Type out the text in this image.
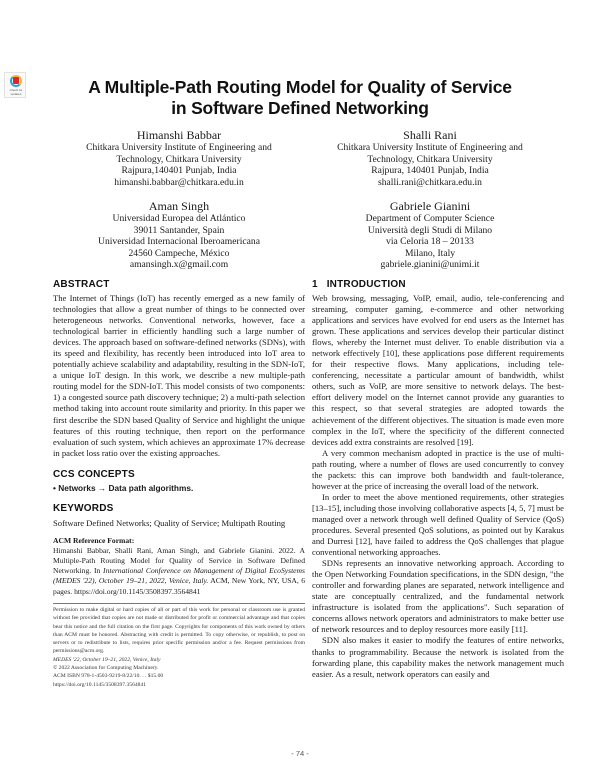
Check for updates	A Multiple-Path Routing Model for Quality of Service
in Software Defined Networking
Himanshi Babbar
Chitkara University Institute of Engineering and
Technology, Chitkara University
Rajpura,140401 Punjab, India
himanshi.babbar@chitkara.edu.in
Shalli Rani
Chitkara University Institute of Engineering and
Technology, Chitkara University
Rajpura, 140401 Punjab, India
shalli.rani@chitkara.edu.in
Aman Singh
Universidad Europea del Atlántico
39011 Santander, Spain
Universidad Internacional Iberoamericana
24560 Campeche, México
amansingh.x@gmail.com
Gabriele Gianini
Department of Computer Science
Università degli Studi di Milano
via Celoria 18 – 20133
Milano, Italy
gabriele.gianini@unimi.it
ABSTRACT
The Internet of Things (IoT) has recently emerged as a new family of technologies that allow a great number of things to be connected over heterogeneous networks. Conventional networks, however, face a technological barrier in efficiently handling such a large number of devices. The approach based on software-defined networks (SDNs), with its speed and flexibility, has recently been introduced into IoT area to potentially achieve scalability and adaptability, resulting in the SDN-IoT, a unique IoT design. In this work, we describe a new multiple-path routing model for the SDN-IoT. This model consists of two components: 1) a congested source path discovery technique; 2) a multi-path selection method taking into account route similarity and priority. In this paper we first describe the SDN based Quality of Service and highlight the unique features of this routing technique, then report on the performance evaluation of such system, which achieves an approximate 17% decrease in packet loss ratio over the existing approaches.
CCS CONCEPTS
• Networks → Data path algorithms.
KEYWORDS
Software Defined Networks; Quality of Service; Multipath Routing
ACM Reference Format:
Himanshi Babbar, Shalli Rani, Aman Singh, and Gabriele Gianini. 2022. A Multiple-Path Routing Model for Quality of Service in Software Defined Networking. In International Conference on Management of Digital EcoSystems (MEDES '22), October 19–21, 2022, Venice, Italy. ACM, New York, NY, USA, 6 pages. https://doi.org/10.1145/3508397.3564841
Permission to make digital or hard copies of all or part of this work for personal or classroom use is granted without fee provided that copies are not made or distributed for profit or commercial advantage and that copies bear this notice and the full citation on the first page. Copyrights for components of this work owned by others than ACM must be honored. Abstracting with credit is permitted. To copy otherwise, or republish, to post on servers or to redistribute to lists, requires prior specific permission and/or a fee. Request permissions from permissions@acm.org.
MEDES '22, October 19–21, 2022, Venice, Italy
© 2022 Association for Computing Machinery.
ACM ISBN 978-1-4503-9219-8/22/10. . . $15.00
https://doi.org/10.1145/3508397.3564841
1 INTRODUCTION
Web browsing, messaging, VoIP, email, audio, tele-conferencing and streaming, computer gaming, e-commerce and other networking applications and services have evolved for end users as the Internet has grown. These applications and services develop their particular distinct flows, whereby the Internet must deliver. To enable distribution via a network effectively [10], these applications pose different requirements for their respective flows. Many applications, including tele-conferencing, necessitate a particular amount of bandwidth, whilst others, such as VoIP, are more sensitive to network delays. The best-effort delivery model on the Internet cannot provide any guaranties to this respect, so that several strategies are adopted towards the achievement of the different objectives. The situation is made even more complex in the IoT, where the specificity of the different connected devices add extra constraints are resolved [19].
A very common mechanism adopted in practice is the use of multi-path routing, where a number of flows are used concurrently to convey the packets: this can improve both bandwidth and fault-tolerance, however at the price of increasing the overall load of the network.
In order to meet the above mentioned requirements, other strategies [13–15], including those involving collaborative aspects [4, 5, 7] must be managed over a network through well defined Quality of Service (QoS) procedures. Several presented QoS solutions, as pointed out by Karakus and Durresi [12], have failed to address the QoS challenges that plague conventional networking approaches.
SDNs represents an innovative networking approach. According to the Open Networking Foundation specifications, in the SDN design, "the controller and forwarding planes are separated, network intelligence and state are conceptually centralized, and the fundamental network infrastructure is isolated from the applications". Such separation of concerns allows network operators and administrators to make better use of network resources and to deploy resources more easily [11].
SDN also makes it easier to modify the features of entire networks, thanks to programmability. Because the network is isolated from the forwarding plane, this capability makes the network management much easier. As a result, network operators can easily and
- 74 -
